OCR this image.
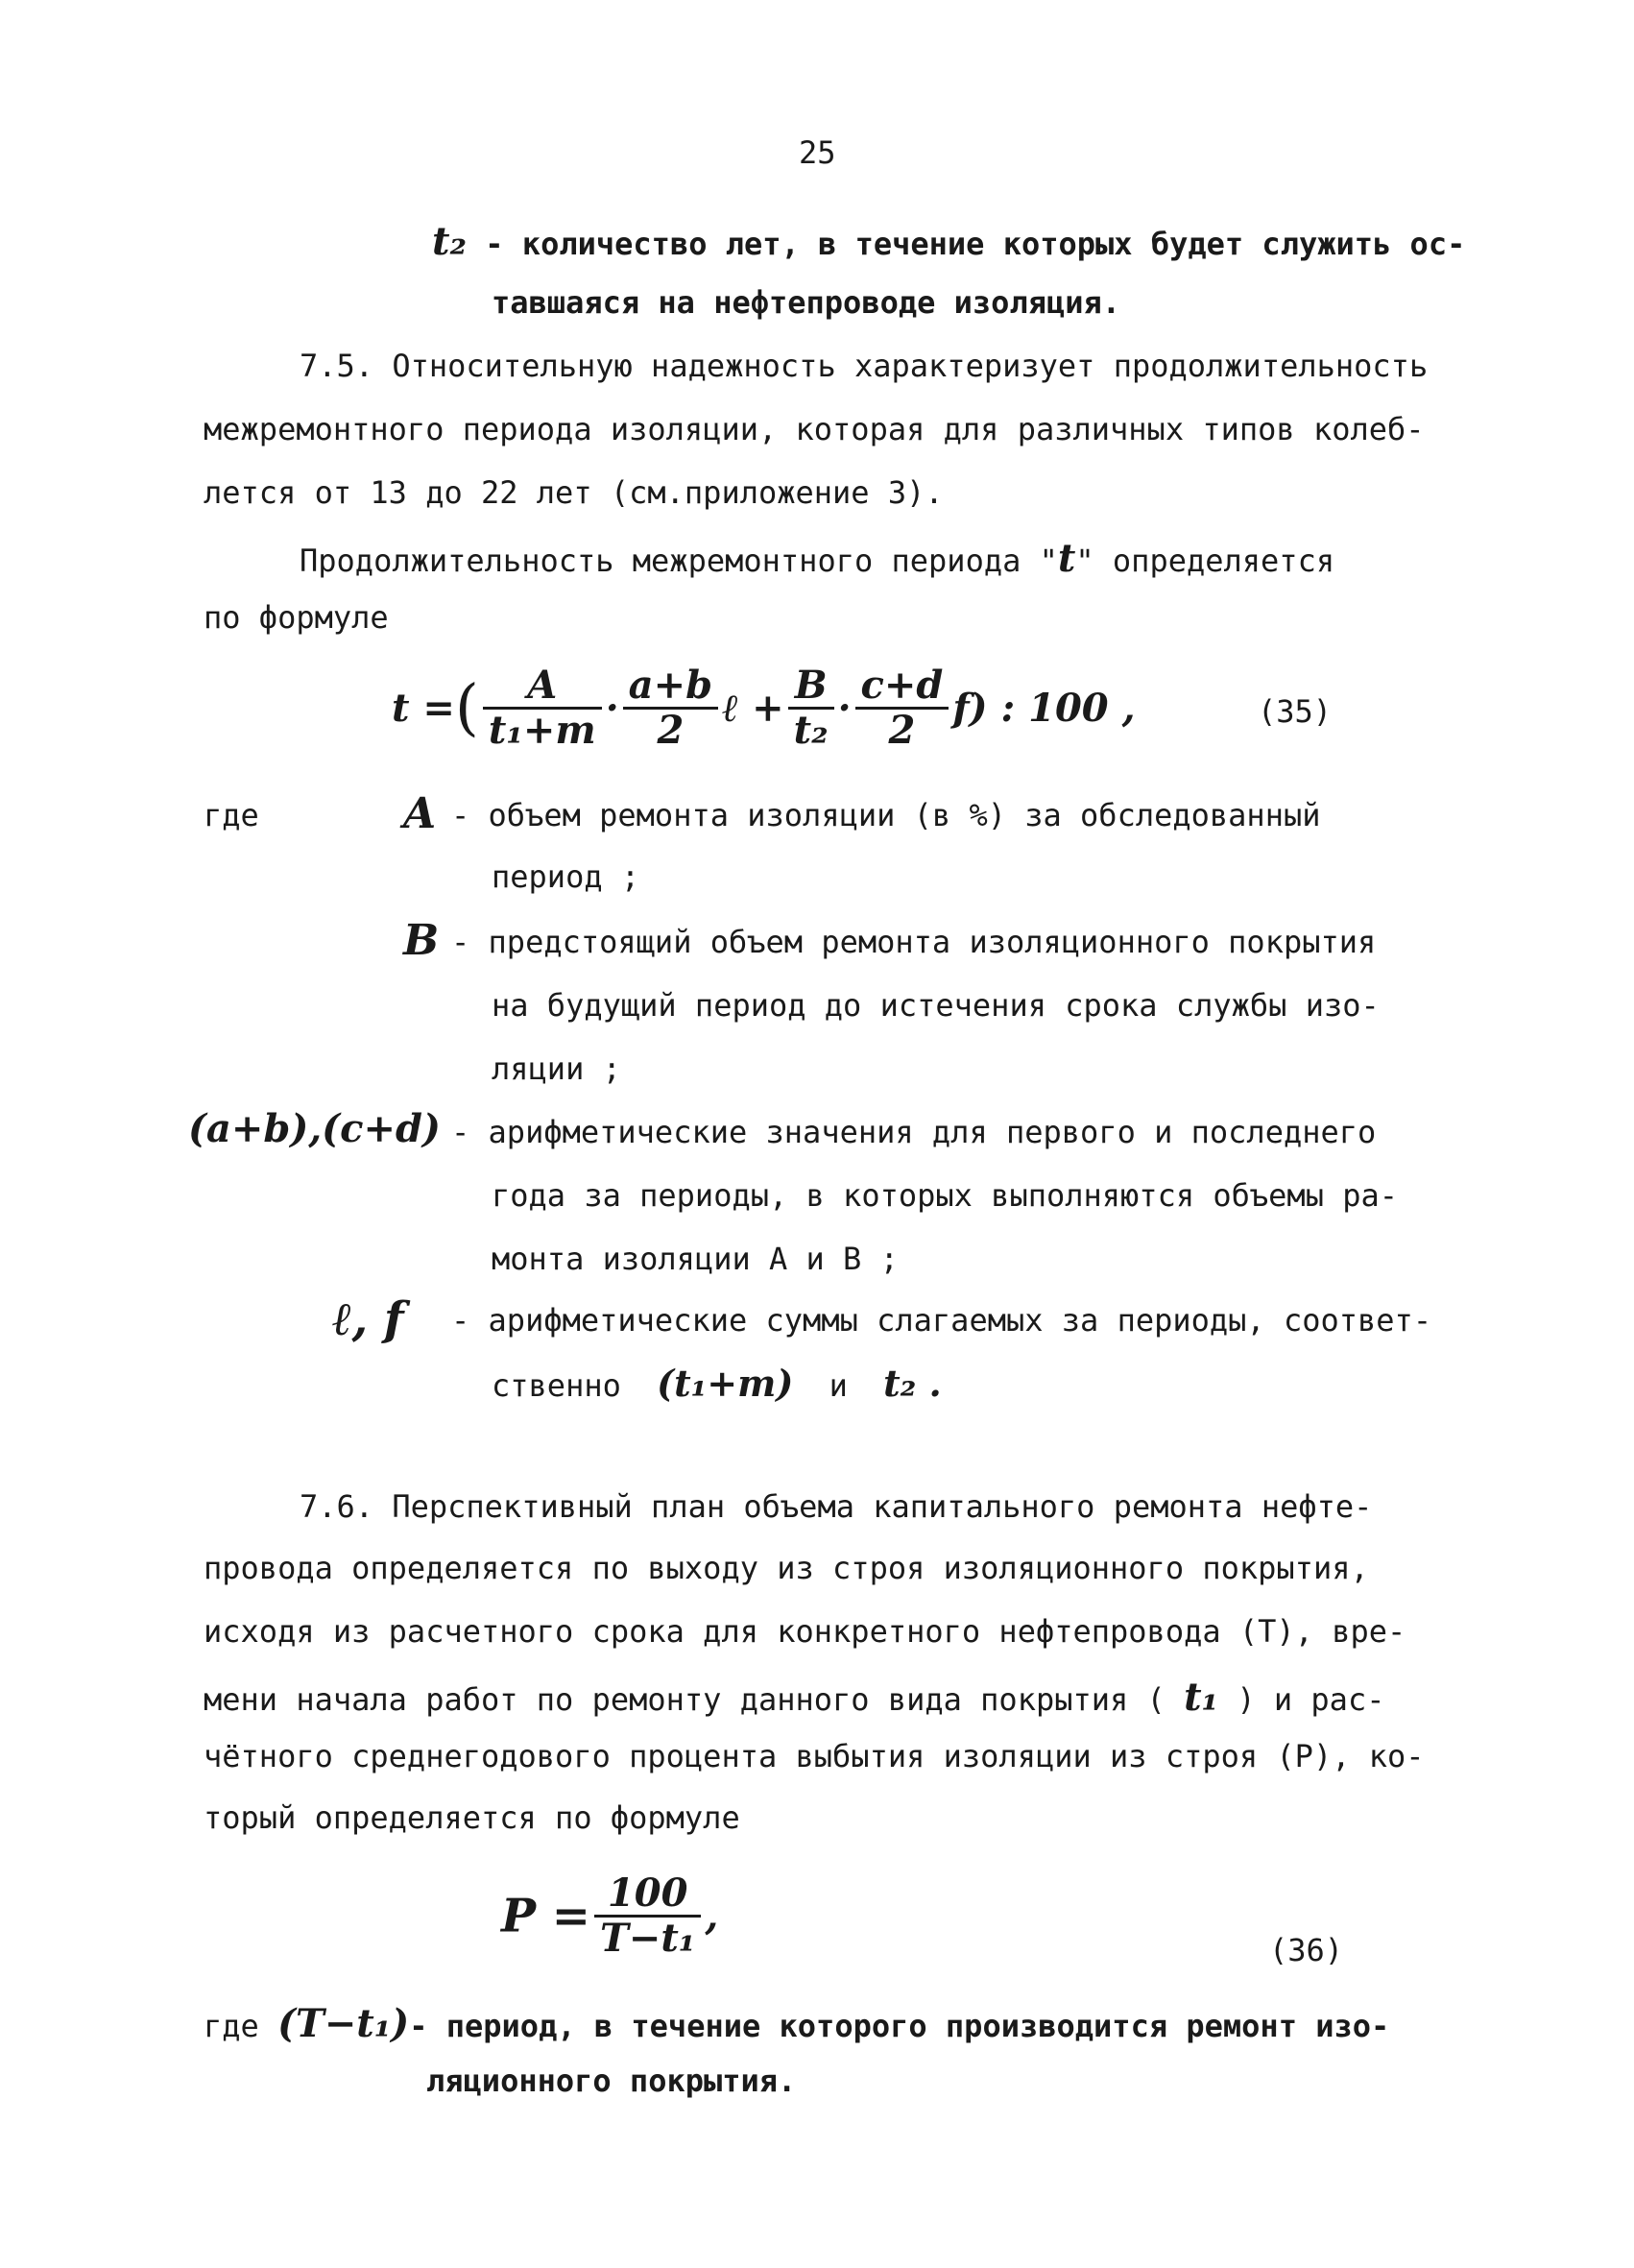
25
t₂ - количество лет, в течение которых будет служить ос-
тавшаяся на нефтепроводе изоляция.
7.5. Относительную надежность характеризует продолжительность
межремонтного периода изоляции, которая для различных типов колеб-
лется от 13 до 22 лет (см.приложение 3).
Продолжительность межремонтного периода "t" определяется
по формуле
t =( $\frac{A}{\text{t₁+m}} \cdot \frac{a+b}{2}$ ℓ + $\frac{B}{\text{t₂}} \cdot \frac{c+d}{2} f$) : 100 ,	(35)
где	A - объем ремонта изоляции (в %) за обследованный
период ;
B - предстоящий объем ремонта изоляционного покрытия
на будущий период до истечения срока службы изо-
ляции ;
(a+b),(c+d) - арифметические значения для первого и последнего
года за периоды, в которых выполняются объемы ра-
монта изоляции А и В ;
ℓ, f - арифметические суммы слагаемых за периоды, соответ-
ственно (t₁+m) и t₂ .
7.6. Перспективный план объема капитального ремонта нефте-
провода определяется по выходу из строя изоляционного покрытия,
исходя из расчетного срока для конкретного нефтепровода (Т), вре-
мени начала работ по ремонту данного вида покрытия ( t₁ ) и рас-
чётного среднегодового процента выбытия изоляции из строя (Р), ко-
торый определяется по формуле
$P = \frac{100}{\text{T−t₁}}$ ,
(36)
где (T−t₁)- период, в течение которого производится ремонт изо-
ляционного покрытия.
